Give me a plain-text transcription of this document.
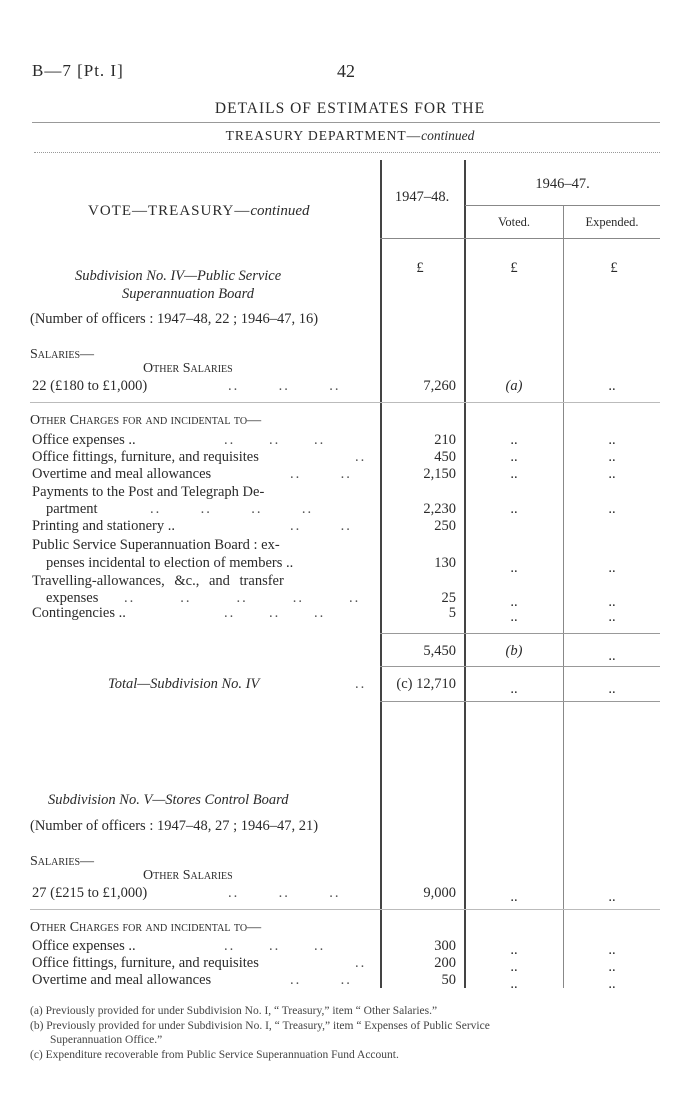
B—7 [Pt. I]	42
DETAILS OF ESTIMATES FOR THE
TREASURY DEPARTMENT—continued
VOTE—TREASURY—continued
1947–48.
1946–47.
Voted.	Expended.
£	£	£
Subdivision No. IV—Public Service
Superannuation Board
(Number of officers : 1947–48, 22 ; 1946–47, 16)
Salaries—
Other Salaries
22 (£180 to £1,000)	..       ..       ..	7,260	(a)	..
Other Charges for and incidental to—
Office expenses ..	..      ..      ..	210	..	..
Office fittings, furniture, and requisites	..	450	..	..
Overtime and meal allowances	..       ..	2,150	..	..
Payments to the Post and Telegraph De-
partment	..       ..       ..       ..	2,230	..	..
Printing and stationery ..	..       ..	250
Public Service Superannuation Board : ex-
penses incidental to election of members ..	130	..	..
Travelling-allowances, &c., and transfer
expenses ..        ..        ..        ..        ..	25	..	..
Contingencies ..	..      ..      ..	5	..	..
5,450	(b)	..
Total—Subdivision No. IV	..	(c) 12,710	..	..
Subdivision No. V—Stores Control Board
(Number of officers : 1947–48, 27 ; 1946–47, 21)
Salaries—
Other Salaries
27 (£215 to £1,000)	..       ..       ..	9,000	..	..
Other Charges for and incidental to—
Office expenses ..	..      ..      ..	300	..	..
Office fittings, furniture, and requisites	..	200	..	..
Overtime and meal allowances	..       ..	50	..	..
(a) Previously provided for under Subdivision No. I, “ Treasury,” item “ Other Salaries.”
(b) Previously provided for under Subdivision No. I, “ Treasury,” item “ Expenses of Public Service
Superannuation Office.”
(c) Expenditure recoverable from Public Service Superannuation Fund Account.
